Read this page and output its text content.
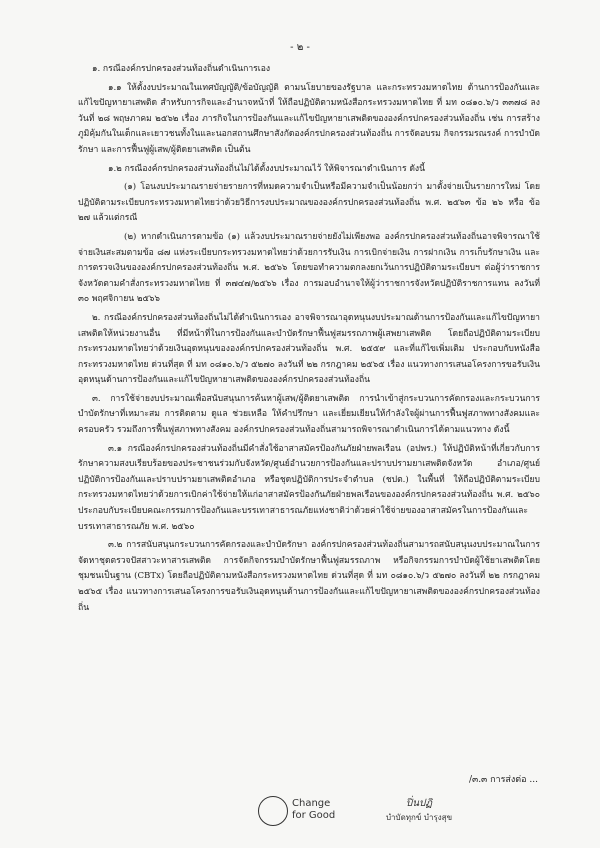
- ๒ -

๑. กรณีองค์กรปกครองส่วนท้องถิ่นดำเนินการเอง

๑.๑ ให้ตั้งงบประมาณในเทศบัญญัติ/ข้อบัญญัติ ตามนโยบายของรัฐบาล และกระทรวงมหาดไทย ด้านการป้องกันและแก้ไขปัญหายาเสพติด สำหรับการกิจและอำนาจหน้าที่ ให้ถือปฏิบัติตามหนังสือกระทรวงมหาดไทย ที่ มท ๐๘๑๐.๖/ว ๓๓๗๘ ลงวันที่ ๒๘ พฤษภาคม ๒๕๖๒ เรื่อง ภารกิจในการป้องกันและแก้ไขปัญหายาเสพติดขององค์กรปกครองส่วนท้องถิ่น เช่น การสร้างภูมิคุ้มกันในเด็กและเยาวชนทั้งในและนอกสถานศึกษาสังกัดองค์กรปกครองส่วนท้องถิ่น การจัดอบรม กิจกรรมรณรงค์ การบำบัดรักษา และการฟื้นฟูผู้เสพ/ผู้ติดยาเสพติด เป็นต้น

๑.๒ กรณีองค์กรปกครองส่วนท้องถิ่นไม่ได้ตั้งงบประมาณไว้ ให้พิจารณาดำเนินการ ดังนี้

(๑) โอนงบประมาณรายจ่ายรายการที่หมดความจำเป็นหรือมีความจำเป็นน้อยกว่า มาตั้งจ่ายเป็นรายการใหม่ โดยปฏิบัติตามระเบียบกระทรวงมหาดไทยว่าด้วยวิธีการงบประมาณขององค์กรปกครองส่วนท้องถิ่น พ.ศ. ๒๕๖๓ ข้อ ๒๖ หรือ ข้อ ๒๗ แล้วแต่กรณี

(๒) หากดำเนินการตามข้อ (๑) แล้วงบประมาณรายจ่ายยังไม่เพียงพอ องค์กรปกครองส่วนท้องถิ่นอาจพิจารณาใช้จ่ายเงินสะสมตามข้อ ๘๗ แห่งระเบียบกระทรวงมหาดไทยว่าด้วยการรับเงิน การเบิกจ่ายเงิน การฝากเงิน การเก็บรักษาเงิน และการตรวจเงินขององค์กรปกครองส่วนท้องถิ่น พ.ศ. ๒๕๖๖ โดยขอทำความตกลงยกเว้นการปฏิบัติตามระเบียบฯ ต่อผู้ว่าราชการจังหวัดตามคำสั่งกระทรวงมหาดไทย ที่ ๓๗๔๗/๒๕๖๖ เรื่อง การมอบอำนาจให้ผู้ว่าราชการจังหวัดปฏิบัติราชการแทน ลงวันที่ ๓๐ พฤศจิกายน ๒๕๖๖

๒. กรณีองค์กรปกครองส่วนท้องถิ่นไม่ได้ดำเนินการเอง อาจพิจารณาอุดหนุนงบประมาณด้านการป้องกันและแก้ไขปัญหายาเสพติดให้หน่วยงานอื่น ที่มีหน้าที่ในการป้องกันและบำบัดรักษาฟื้นฟูสมรรถภาพผู้เสพยาเสพติด โดยถือปฏิบัติตามระเบียบกระทรวงมหาดไทยว่าด้วยเงินอุดหนุนขององค์กรปกครองส่วนท้องถิ่น พ.ศ. ๒๕๕๙ และที่แก้ไขเพิ่มเติม ประกอบกับหนังสือกระทรวงมหาดไทย ด่วนที่สุด ที่ มท ๐๘๑๐.๖/ว ๕๒๗๐ ลงวันที่ ๒๒ กรกฎาคม ๒๕๖๕ เรื่อง แนวทางการเสนอโครงการขอรับเงินอุดหนุนด้านการป้องกันและแก้ไขปัญหายาเสพติดขององค์กรปกครองส่วนท้องถิ่น

๓. การใช้จ่ายงบประมาณเพื่อสนับสนุนการค้นหาผู้เสพ/ผู้ติดยาเสพติด การนำเข้าสู่กระบวนการคัดกรองและกระบวนการบำบัดรักษาที่เหมาะสม การติดตาม ดูแล ช่วยเหลือ ให้คำปรึกษา และเยี่ยมเยียนให้กำลังใจผู้ผ่านการฟื้นฟูสภาพทางสังคมและครอบครัว รวมถึงการฟื้นฟูสภาพทางสังคม องค์กรปกครองส่วนท้องถิ่นสามารถพิจารณาดำเนินการได้ตามแนวทาง ดังนี้

๓.๑ กรณีองค์กรปกครองส่วนท้องถิ่นมีคำสั่งใช้อาสาสมัครป้องกันภัยฝ่ายพลเรือน (อปพร.) ให้ปฏิบัติหน้าที่เกี่ยวกับการรักษาความสงบเรียบร้อยของประชาชนร่วมกับจังหวัด/ศูนย์อำนวยการป้องกันและปราบปรามยาเสพติดจังหวัด อำเภอ/ศูนย์ปฏิบัติการป้องกันและปราบปรามยาเสพติดอำเภอ หรือชุดปฏิบัติการประจำตำบล (ชปต.) ในพื้นที่ ให้ถือปฏิบัติตามระเบียบกระทรวงมหาดไทยว่าด้วยการเบิกค่าใช้จ่ายให้แก่อาสาสมัครป้องกันภัยฝ่ายพลเรือนขององค์กรปกครองส่วนท้องถิ่น พ.ศ. ๒๕๖๐ ประกอบกับระเบียบคณะกรรมการป้องกันและบรรเทาสาธารณภัยแห่งชาติว่าด้วยค่าใช้จ่ายของอาสาสมัครในการป้องกันและบรรเทาสาธารณภัย พ.ศ. ๒๕๖๐

๓.๒ การสนับสนุนกระบวนการคัดกรองและบำบัดรักษา องค์กรปกครองส่วนท้องถิ่นสามารถสนับสนุนงบประมาณในการจัดหาชุดตรวจปัสสาวะหาสารเสพติด การจัดกิจกรรมบำบัดรักษาฟื้นฟูสมรรถภาพ หรือกิจกรรมการบำบัดผู้ใช้ยาเสพติดโดยชุมชนเป็นฐาน (CBTx) โดยถือปฏิบัติตามหนังสือกระทรวงมหาดไทย ด่วนที่สุด ที่ มท ๐๘๑๐.๖/ว ๕๒๗๐ ลงวันที่ ๒๒ กรกฎาคม ๒๕๖๕ เรื่อง แนวทางการเสนอโครงการขอรับเงินอุดหนุนด้านการป้องกันและแก้ไขปัญหายาเสพติดขององค์กรปกครองส่วนท้องถิ่น

/๓.๓ การส่งต่อ ...
Change
for Good
ปิ่นปฏิ
บำบัดทุกข์ บำรุงสุข
